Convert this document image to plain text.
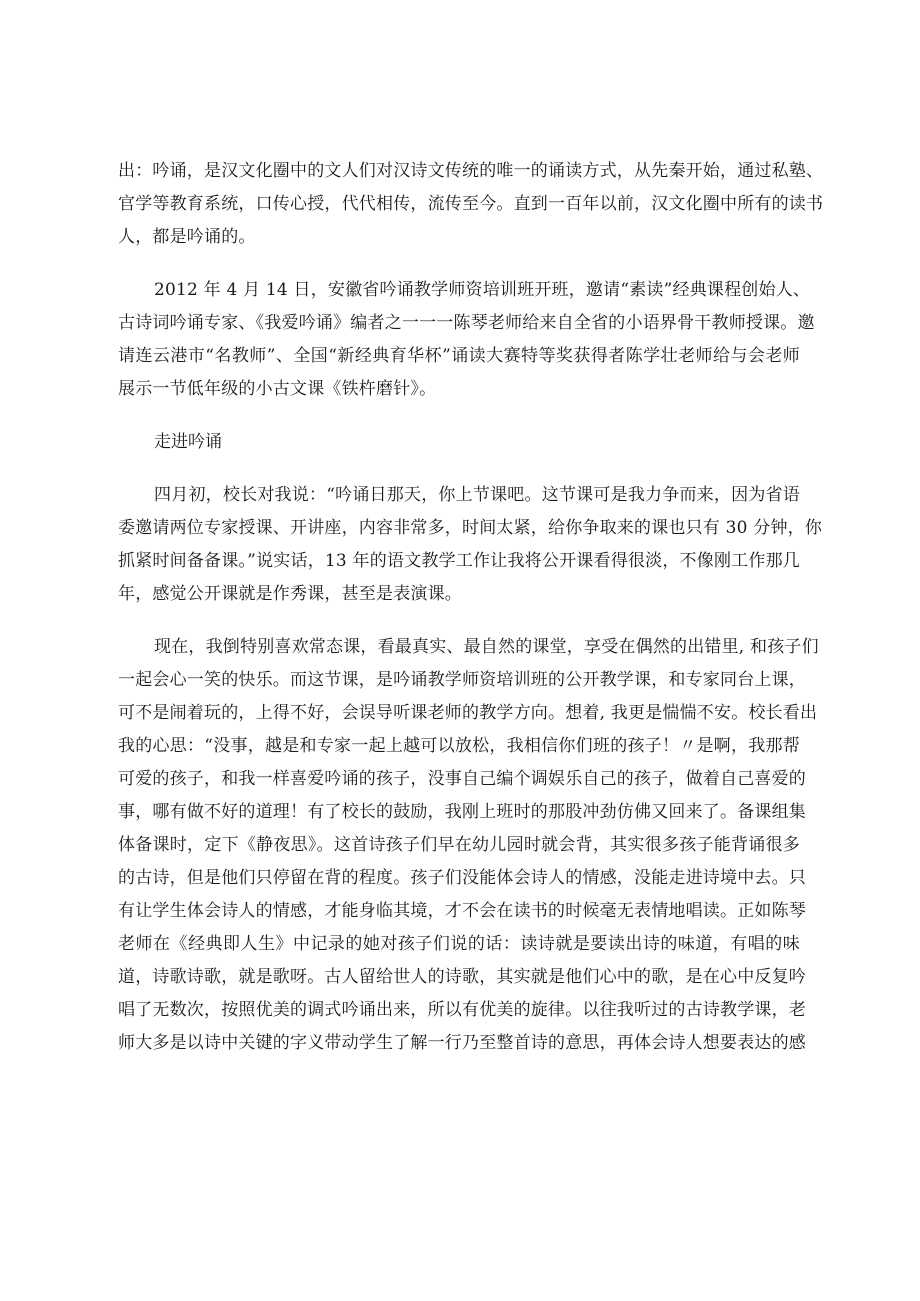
出：吟诵，是汉文化圈中的文人们对汉诗文传统的唯一的诵读方式，从先秦开始，通过私塾、
官学等教育系统，口传心授，代代相传，流传至今。直到一百年以前，汉文化圈中所有的读书
人，都是吟诵的。
2012 年 4 月 14 日，安徽省吟诵教学师资培训班开班，邀请“素读”经典课程创始人、
古诗词吟诵专家、《我爱吟诵》编者之一一一陈琴老师给来自全省的小语界骨干教师授课。邀
请连云港市“名教师”、全国“新经典育华杯”诵读大赛特等奖获得者陈学壮老师给与会老师
展示一节低年级的小古文课《铁杵磨针》。
走进吟诵
四月初，校长对我说：“吟诵日那天，你上节课吧。这节课可是我力争而来，因为省语
委邀请两位专家授课、开讲座，内容非常多，时间太紧，给你争取来的课也只有 30 分钟，你
抓紧时间备备课。”说实话，13 年的语文教学工作让我将公开课看得很淡，不像刚工作那几
年，感觉公开课就是作秀课，甚至是表演课。
现在，我倒特别喜欢常态课，看最真实、最自然的课堂，享受在偶然的出错里, 和孩子们
一起会心一笑的快乐。而这节课，是吟诵教学师资培训班的公开教学课，和专家同台上课，
可不是闹着玩的，上得不好，会误导听课老师的教学方向。想着, 我更是惴惴不安。校长看出
我的心思：“没事，越是和专家一起上越可以放松，我相信你们班的孩子！〃是啊，我那帮
可爱的孩子，和我一样喜爱吟诵的孩子，没事自己编个调娱乐自己的孩子，做着自己喜爱的
事，哪有做不好的道理！有了校长的鼓励，我刚上班时的那股冲劲仿佛又回来了。备课组集
体备课时，定下《静夜思》。这首诗孩子们早在幼儿园时就会背，其实很多孩子能背诵很多
的古诗，但是他们只停留在背的程度。孩子们没能体会诗人的情感，没能走进诗境中去。只
有让学生体会诗人的情感，才能身临其境，才不会在读书的时候毫无表情地唱读。正如陈琴
老师在《经典即人生》中记录的她对孩子们说的话：读诗就是要读出诗的味道，有唱的味
道，诗歌诗歌，就是歌呀。古人留给世人的诗歌，其实就是他们心中的歌，是在心中反复吟
唱了无数次，按照优美的调式吟诵出来，所以有优美的旋律。以往我听过的古诗教学课，老
师大多是以诗中关键的字义带动学生了解一行乃至整首诗的意思，再体会诗人想要表达的感
